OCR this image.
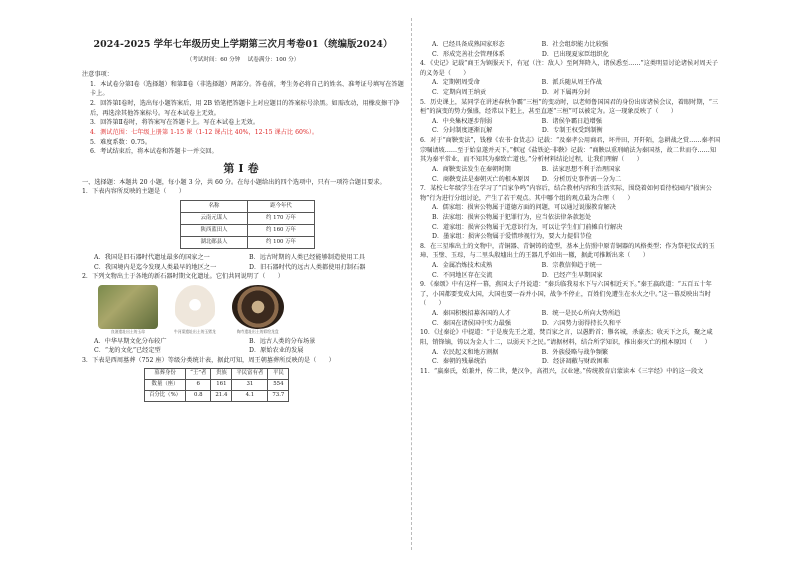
2024-2025 学年七年级历史上学期第三次月考卷01（统编版2024）
（考试时间：60 分钟　 试卷满分：100 分）

注意事项：

1．本试卷分第Ⅰ卷（选择题）和第Ⅱ卷（非选择题）两部分。答卷前，考生务必将自己的姓名、准考证号填写在答题卡上。

2．回答第Ⅰ卷时，选出每小题答案后，用 2B 铅笔把答题卡上对应题目的答案标号涂黑。如需改动，用橡皮擦干净后，再选涂其他答案标号。写在本试卷上无效。

3．回答第Ⅱ卷时，将答案写在答题卡上。写在本试卷上无效。

4．测试范围：七年级上册第 1-15 课（1-12 课占比 40%，12-15 课占比 60%）。

5．难度系数：0.75。

6．考试结束后，将本试卷和答题卡一并交回。

第Ⅰ卷

一、选择题：本题共 20 小题，每小题 3 分，共 60 分。在每小题给出的四个选项中，只有一项符合题目要求。

1．下表内容所反映的主题是（　　）

名称	距今年代
云南元谋人	约 170 万年
陕西蓝田人	约 160 万年
湖北郧县人	约 100 万年
A．我国是旧石器时代遗址最多的国家之一	B．远古时期的人类已经能够制造使用工具
C．我国境内是迄今发现人类最早的地区之一	D．旧石器时代的远古人类都使用打制石器

2．下列文物出土于各地的新石器时期文化遗址。它们共同说明了（　　）

良渚遗址出土的玉琮	牛河梁遗址出土的玉猪龙	陶寺遗址出土的彩绘龙盘
A．中华早期文化分布较广	B．远古人类的分布场景
C．“龙的文化”已经定型	D．原始农业的发展

3．下表是西周墓葬（752 座）等级分类统计表，据此可知，周王朝墓葬所反映的是（　　）

墓葬身份	“王”者	贵族	平民富有者	平民
数量（座）	6	161	31	554
百分比（%）	0.8	21.4	4.1	73.7

A．已经具备成熟国家形态　　　　　　B．社会组织能力比较强

C．形成完善社会管理体系　　　　　　D．已出现夏家臣组织化

4．《史记》记载“商王为镇服天下，有冠（注：敌人）至阿拜降入，诸侯悉至……”这类明显讨论诸侯对周天子的义务是（　　）

A．定期朝周受命　　　　　　　　　　B．派兵随从周王作战

C．定期向周王纳贡　　　　　　　　　D．对下属再分封

5．历史课上，某同学在讲述春秋争霸“三桓”的变动时，以老师鲁国国君的身份出席诸侯会议，着眼时期，“三桓”的演变的势力强盛，经常以下犯上，甚至直逐“三桓”可以被定为。这一现象反映了（　　）

A．中央集权逐步削弱　　　　　　　　B．诸侯争霸日趋增强

C．分封制度逐渐瓦解　　　　　　　　D．专制王权受到制衡

6．对于“商鞅变法”，钱穆《农书·食货志》记载：“及秦孝公用商君，坏井田，开阡陌，急耕战之赏……秦孝国宗嘱请坡……至于始皇遂并天下。”框冠《盐铁论·非鞅》记载：“商鞅以重刑峭法为秦国基，故二世而夺……知其为秦平常业，而不知其为秦致亡道也。”分析材料结论过程，让我们理解（　　）

A．商鞅变法发生在秦朝时期　　　　　B．法家思想不利于治理国家

C．商鞅变法是秦朝灭亡的根本原因　　D．分析历史事件需一分为二

7．某校七年级学生在学习了“百家争鸣”内容后，结合教材内容和生活实际，围绕着如何看待校园内“损害公物”行为进行分组讨论，产生了若干观点。其中哪个组的观点最为合理（　　）

A．儒家组：损害公物属于道德方面的问题，可以通过说服教育解决

B．法家组：损害公物属于犯罪行为，应当依法律条款惩处

C．道家组：损害公物属于无意识行为，可以让学生们门前摊自行解决

D．墨家组：损害公物属于爱惜珍视行为，要大力提倡节俭

8．在三星堆出土的文物中，青铜器、青铜铸的造型，基本上仿照中原青铜器的风格类型；作为祭祀仪式的玉璋、玉璧、玉琮，与二里头殷墟出土的王器几乎如出一辙，据此可推断出来（　　）

A．金属冶炼技术成熟　　　　　　　　B．宗教信仰趋于统一

C．不同地区存在交流　　　　　　　　D．已经产生早期国家

9．《秦颂》中有这样一幕，燕国太子丹说道：“秦兵临我易水下与六国相近天下。”秦王嬴政道：“五百五十年了，小国都要变成大国，大国也要一吞并小国，战争不停止，百姓们免遭生在水火之中。”这一幕反映出当时（　　）

A．秦国积极招募各国的人才　　　　　B．统一是民心所向大势所趋

C．秦国在诸侯国中实力最强　　　　　D．六国势力弱得持长久和平

10．《过秦论》中提道：“于是废先王之道，焚百家之言，以愚黔首；隳名城，杀豪杰；收天下之兵，聚之咸阳，销锋镝，铸以为金人十二，以弱天下之民。”请据材料，结合所学知识，推出秦灭亡的根本原因（　　）

A．农民起义和地方割据　　　　　　　B．外族侵略与战争频繁

C．秦朝的残暴统治　　　　　　　　　D．经济凋敝与财政困难

11．“嬴秦氏，始兼并，传二世，楚汉争，高祖兴，汉业建。”传统教育启蒙读本《三字经》中的这一段文
